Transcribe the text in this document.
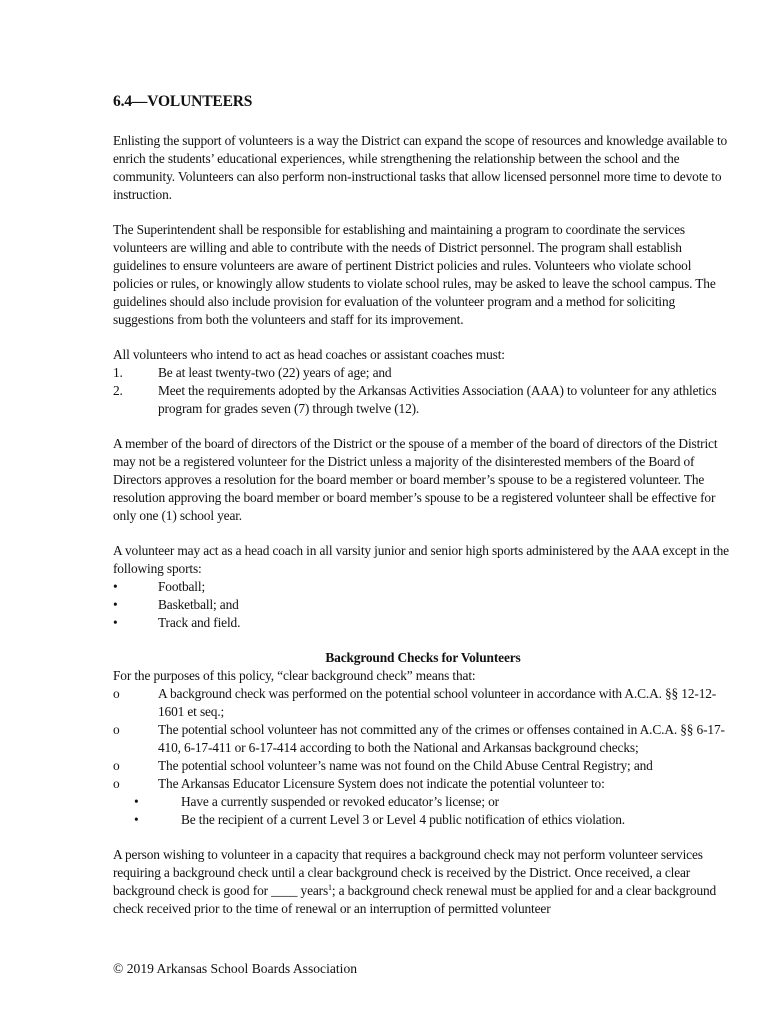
6.4—VOLUNTEERS

Enlisting the support of volunteers is a way the District can expand the scope of resources and knowledge available to enrich the students’ educational experiences, while strengthening the relationship between the school and the community. Volunteers can also perform non-instructional tasks that allow licensed personnel more time to devote to instruction.

The Superintendent shall be responsible for establishing and maintaining a program to coordinate the services volunteers are willing and able to contribute with the needs of District personnel. The program shall establish guidelines to ensure volunteers are aware of pertinent District policies and rules. Volunteers who violate school policies or rules, or knowingly allow students to violate school rules, may be asked to leave the school campus. The guidelines should also include provision for evaluation of the volunteer program and a method for soliciting suggestions from both the volunteers and staff for its improvement.

All volunteers who intend to act as head coaches or assistant coaches must:

1.	Be at least twenty-two (22) years of age; and
2.	Meet the requirements adopted by the Arkansas Activities Association (AAA) to volunteer for any athletics program for grades seven (7) through twelve (12).

A member of the board of directors of the District or the spouse of a member of the board of directors of the District may not be a registered volunteer for the District unless a majority of the disinterested members of the Board of Directors approves a resolution for the board member or board member’s spouse to be a registered volunteer. The resolution approving the board member or board member’s spouse to be a registered volunteer shall be effective for only one (1) school year.

A volunteer may act as a head coach in all varsity junior and senior high sports administered by the AAA except in the following sports:

•	Football;
•	Basketball; and
•	Track and field.
Background Checks for Volunteers

For the purposes of this policy, “clear background check” means that:

o	A background check was performed on the potential school volunteer in accordance with A.C.A. §§ 12-12-1601 et seq.;
o	The potential school volunteer has not committed any of the crimes or offenses contained in A.C.A. §§ 6-17-410, 6-17-411 or 6-17-414 according to both the National and Arkansas background checks;
o	The potential school volunteer’s name was not found on the Child Abuse Central Registry; and
o	The Arkansas Educator Licensure System does not indicate the potential volunteer to:
•	Have a currently suspended or revoked educator’s license; or
•	Be the recipient of a current Level 3 or Level 4 public notification of ethics violation.

A person wishing to volunteer in a capacity that requires a background check may not perform volunteer services requiring a background check until a clear background check is received by the District. Once received, a clear background check is good for ____ years$^1$; a background check renewal must be applied for and a clear background check received prior to the time of renewal or an interruption of permitted volunteer

© 2019 Arkansas School Boards Association
